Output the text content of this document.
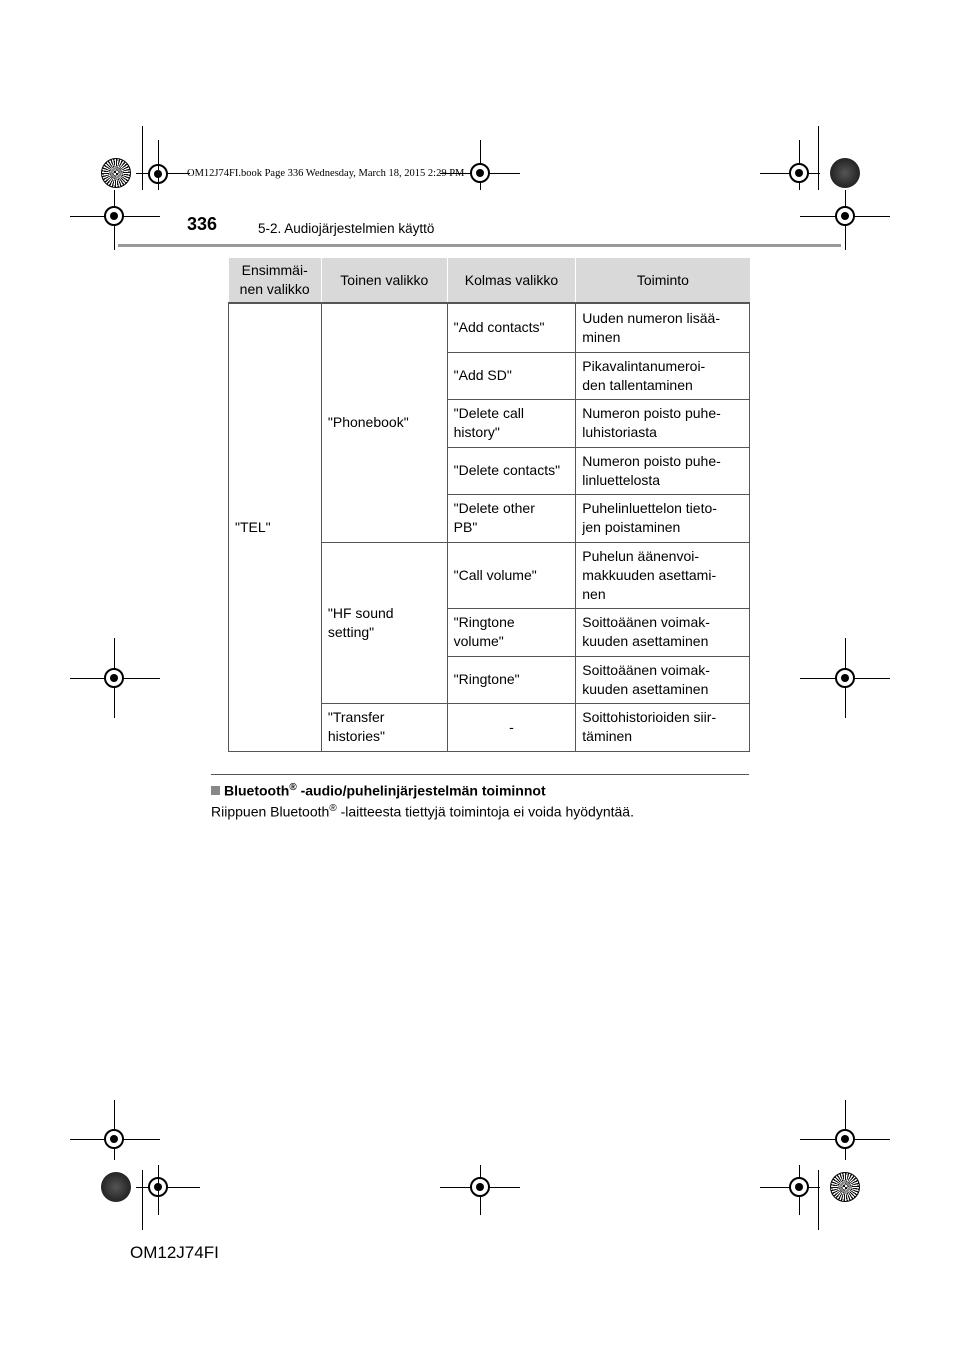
OM12J74FI.book Page 336 Wednesday, March 18, 2015 2:29 PM
336	5-2. Audiojärjestelmien käyttö
Ensimmäi-
nen valikko	Toinen valikko	Kolmas valikko	Toiminto
"TEL"	"Phonebook"	"Add contacts"	Uuden numeron lisää-
minen
		"Add SD"	Pikavalintanumeroi-
den tallentaminen
		"Delete call
history"	Numeron poisto puhe-
luhistoriasta
		"Delete contacts"	Numeron poisto puhe-
linluettelosta
		"Delete other
PB"	Puhelinluettelon tieto-
jen poistaminen
	"HF sound
setting"	"Call volume"	Puhelun äänenvoi-
makkuuden asettami-
nen
		"Ringtone
volume"	Soittoäänen voimak-
kuuden asettaminen
		"Ringtone"	Soittoäänen voimak-
kuuden asettaminen
	"Transfer
histories"	-	Soittohistorioiden siir-
täminen
Bluetooth® -audio/puhelinjärjestelmän toiminnot
Riippuen Bluetooth® -laitteesta tiettyjä toimintoja ei voida hyödyntää.
OM12J74FI
